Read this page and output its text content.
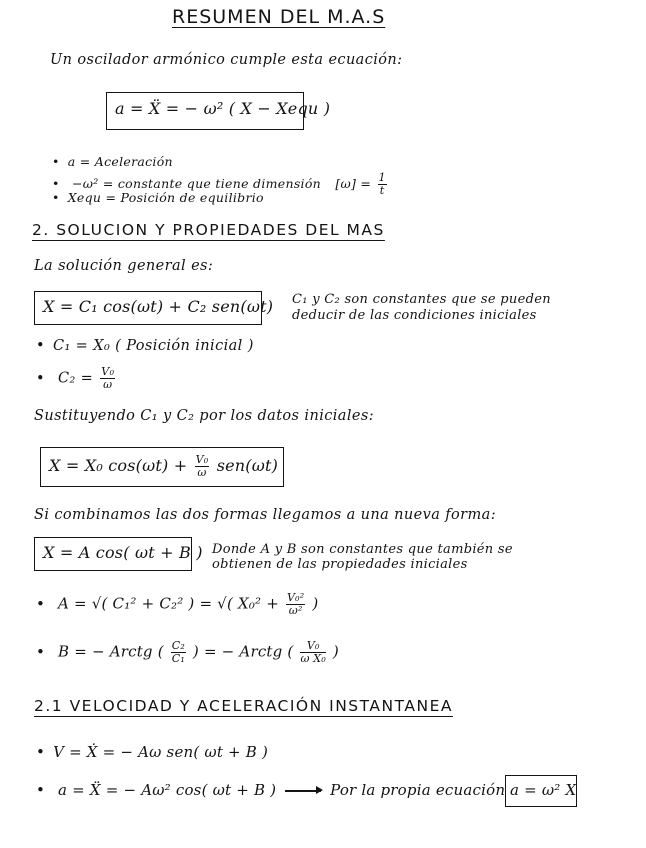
RESUMEN DEL M.A.S
Un oscilador armónico cumple esta ecuación:
a = Ẍ = − ω² ( X − Xequ )
• a = Aceleración
• −ω² = constante que tiene dimensión $[\omega] = \frac{1}{t}$
• Xequ = Posición de equilibrio
2. SOLUCION Y PROPIEDADES DEL MAS
La solución general es:
X = C₁ cos(ωt) + C₂ sen(ωt) C₁ y C₂ son constantes que se pueden
deducir de las condiciones iniciales
• C₁ = X₀ ( Posición inicial )
• $C_2 = \frac{\text{V₀}}{\omega}$
Sustituyendo C₁ y C₂ por los datos iniciales:
X = X₀ $\cos(\omega t) + \frac{\text{V₀}}{\omega} sen(\omega t)$
Si combinamos las dos formas llegamos a una nueva forma:
X = A cos( ωt + B ) Donde A y B son constantes que también se
obtienen de las propiedades iniciales
• A = √( C₁² + C₂² ) = √( $X_0^2 + \frac{\text{V₀²}}{\text{ω²}}$ )
• B = − Arctg ( $\frac{\text{C₂}}{\text{C₁}}$ ) = − Arctg ( $\frac{\text{V₀}}{\text{ω X₀}}$ )
2.1 VELOCIDAD Y ACELERACIÓN INSTANTANEA
• V = Ẋ = − Aω sen( ωt + B )
• a = Ẍ = − Aω² cos( ωt + B )	Por la propia ecuación a = ω² X
